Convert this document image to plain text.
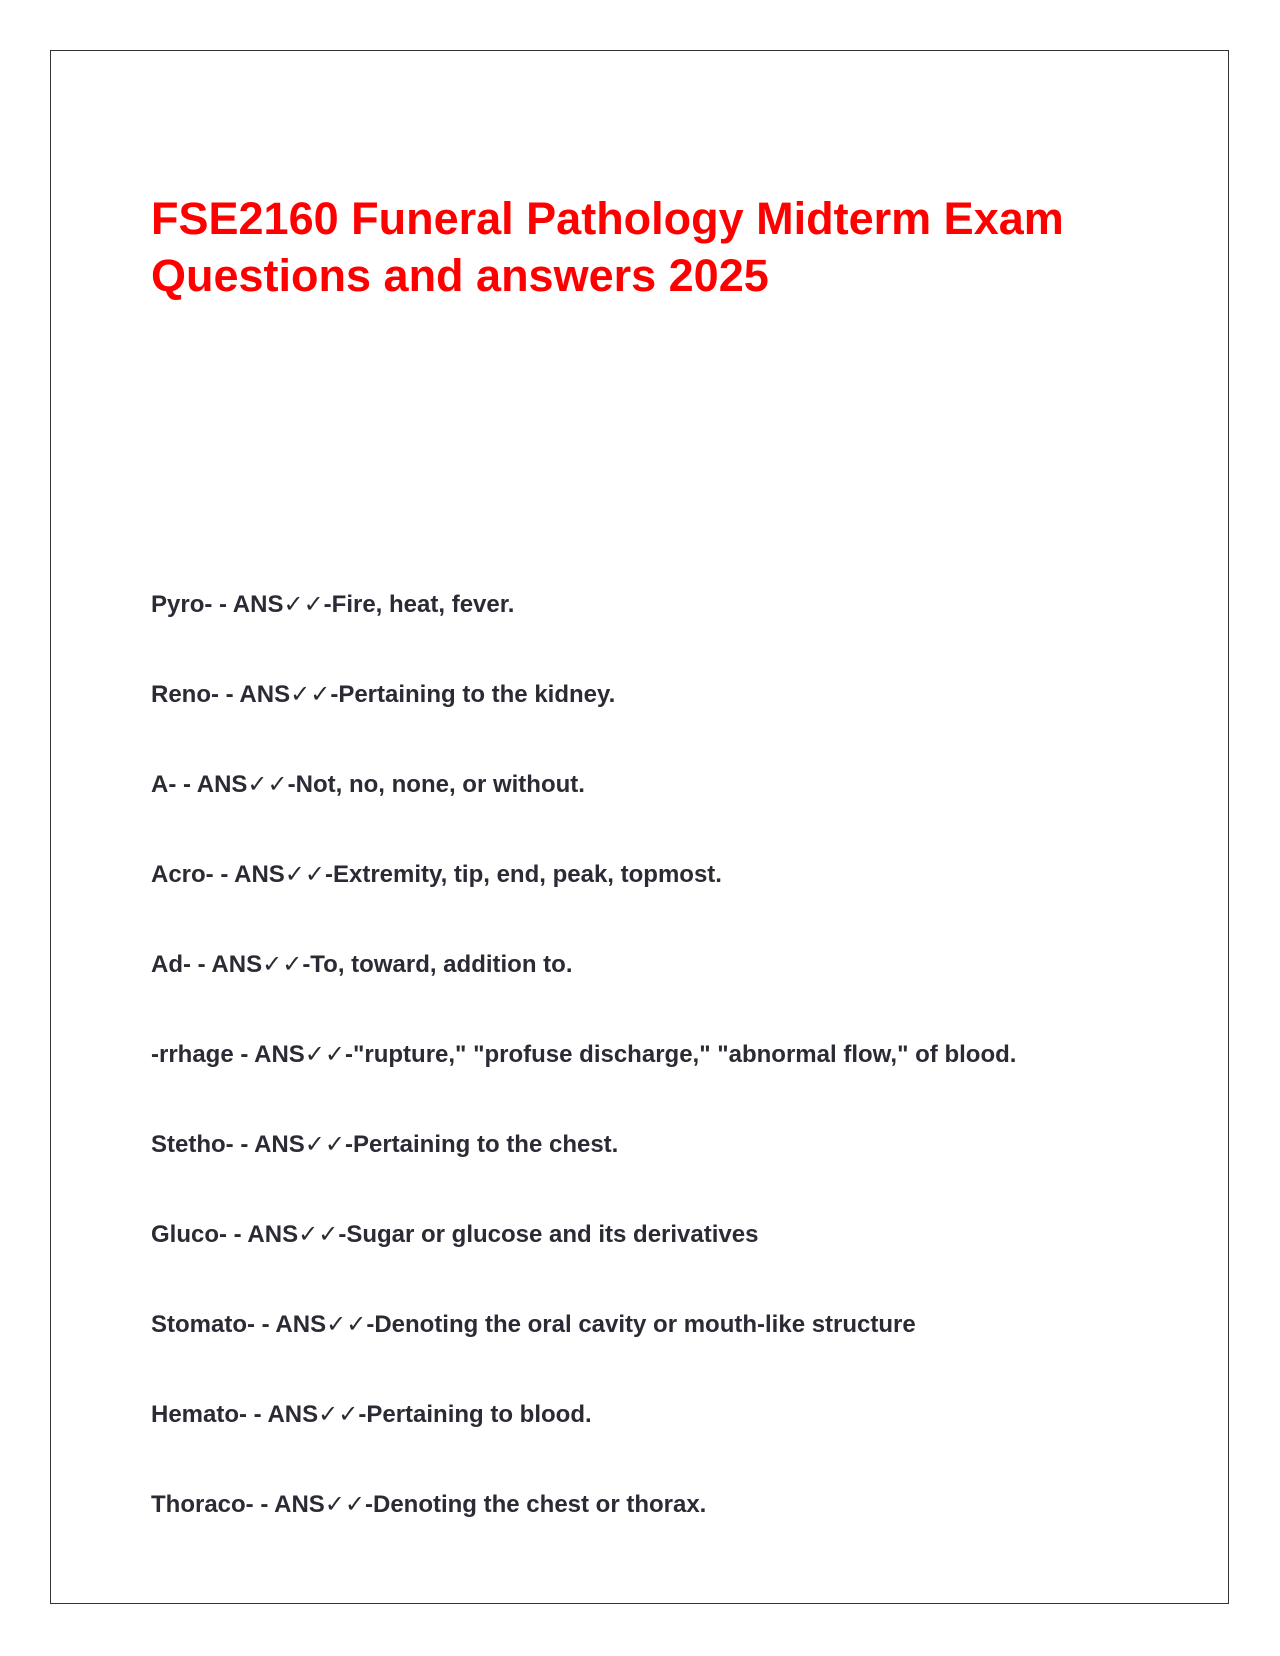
FSE2160 Funeral Pathology Midterm Exam
Questions and answers 2025
Pyro- - ANS✓✓-Fire, heat, fever.
Reno- - ANS✓✓-Pertaining to the kidney.
A- - ANS✓✓-Not, no, none, or without.
Acro- - ANS✓✓-Extremity, tip, end, peak, topmost.
Ad- - ANS✓✓-To, toward, addition to.
-rrhage - ANS✓✓-"rupture," "profuse discharge," "abnormal flow," of blood.
Stetho- - ANS✓✓-Pertaining to the chest.
Gluco- - ANS✓✓-Sugar or glucose and its derivatives
Stomato- - ANS✓✓-Denoting the oral cavity or mouth-like structure
Hemato- - ANS✓✓-Pertaining to blood.
Thoraco- - ANS✓✓-Denoting the chest or thorax.
